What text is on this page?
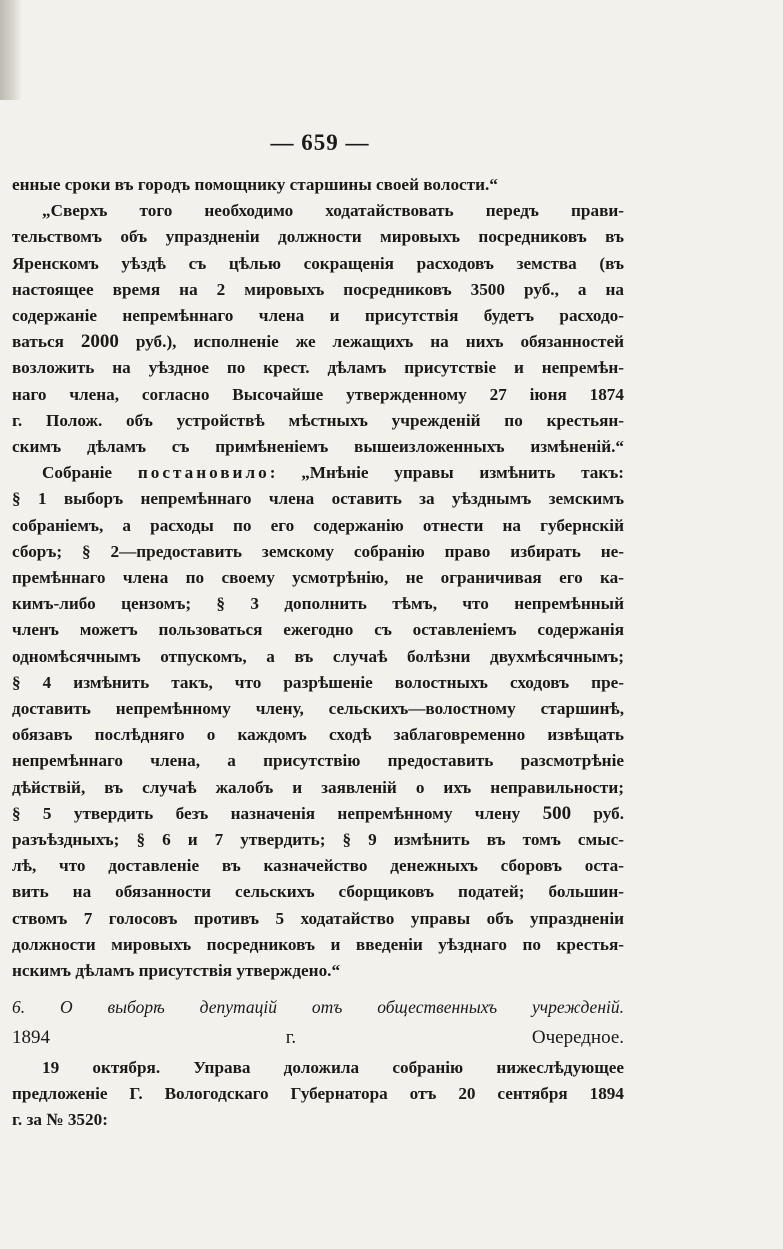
— 659 —

енные сроки въ городъ помощнику старшины своей волости.“

„Сверхъ того необходимо ходатайствовать передъ прави-

тельствомъ объ упраздненіи должности мировыхъ посредниковъ въ

Яренскомъ уѣздѣ съ цѣлью сокращенія расходовъ земства (въ

настоящее время на 2 мировыхъ посредниковъ 3500 руб., а на

содержаніе непремѣннаго члена и присутствія будетъ расходо-

ваться 2000 руб.), исполненіе же лежащихъ на нихъ обязанностей

возложить на уѣздное по крест. дѣламъ присутствіе и непремѣн-

наго члена, согласно Высочайше утвержденному 27 іюня 1874

г. Полож. объ устройствѣ мѣстныхъ учрежденій по крестьян-

скимъ дѣламъ съ примѣненіемъ вышеизложенныхъ измѣненій.“

Собраніе постановило: „Мнѣніе управы измѣнить такъ:

§ 1 выборъ непремѣннаго члена оставить за уѣзднымъ земскимъ

собраніемъ, а расходы по его содержанію отнести на губернскій

сборъ; § 2—предоставить земскому собранію право избирать не-

премѣннаго члена по своему усмотрѣнію, не ограничивая его ка-

кимъ-либо цензомъ; § 3 дополнить тѣмъ, что непремѣнный

членъ можетъ пользоваться ежегодно съ оставленіемъ содержанія

одномѣсячнымъ отпускомъ, а въ случаѣ болѣзни двухмѣсячнымъ;

§ 4 измѣнить такъ, что разрѣшеніе волостныхъ сходовъ пре-

доставить непремѣнному члену, сельскихъ—волостному старшинѣ,

обязавъ послѣдняго о каждомъ сходѣ заблаговременно извѣщать

непремѣннаго члена, а присутствію предоставить разсмотрѣніе

дѣйствій, въ случаѣ жалобъ и заявленій о ихъ неправильности;

§ 5 утвердить безъ назначенія непремѣнному члену 500 руб.

разъѣздныхъ; § 6 и 7 утвердить; § 9 измѣнить въ томъ смыс-

лѣ, что доставленіе въ казначейство денежныхъ сборовъ оста-

вить на обязанности сельскихъ сборщиковъ податей; большин-

ствомъ 7 голосовъ противъ 5 ходатайство управы объ упраздненіи

должности мировыхъ посредниковъ и введеніи уѣзднаго по крестья-

нскимъ дѣламъ присутствія утверждено.“

6. О выборѣ депутацій отъ общественныхъ учрежденій.

1894 г. Очередное.

19 октября. Управа доложила собранію нижеслѣдующее

предложеніе Г. Вологодскаго Губернатора отъ 20 сентября 1894

г. за № 3520:
